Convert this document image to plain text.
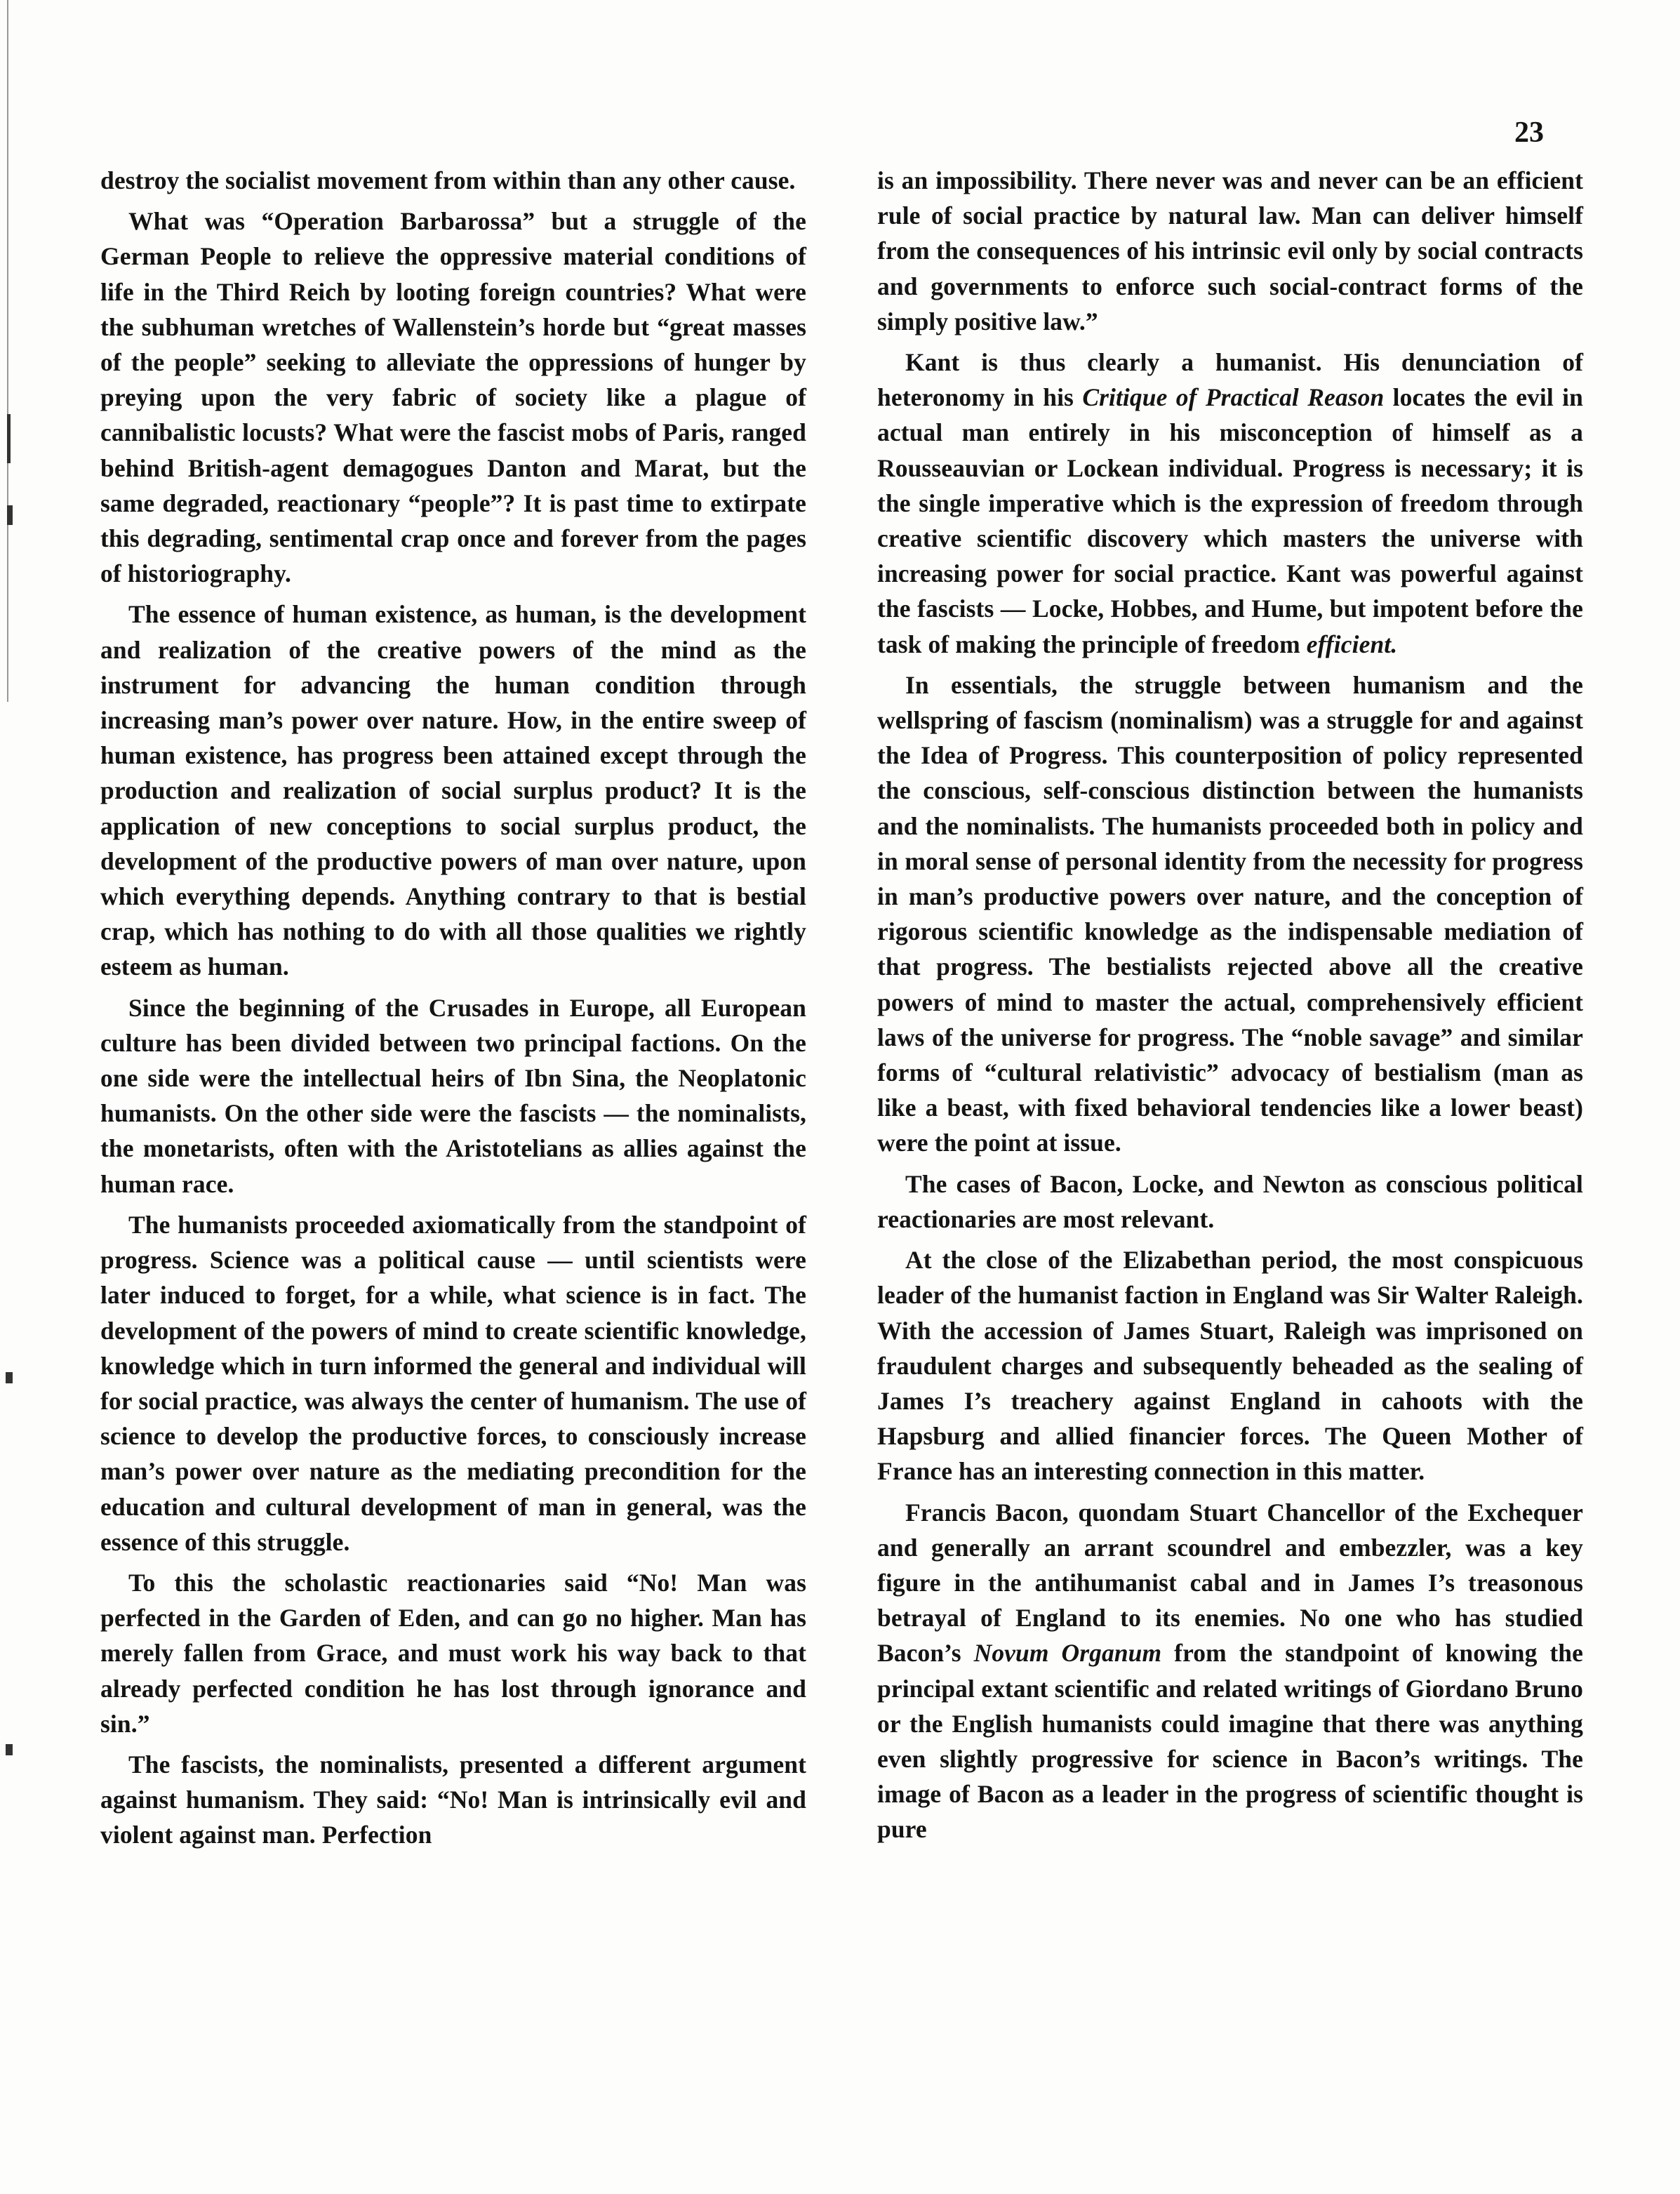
23

destroy the socialist movement from within than any other cause.

What was “Operation Barbarossa” but a struggle of the German People to relieve the oppressive material conditions of life in the Third Reich by looting foreign countries? What were the subhuman wretches of Wallenstein’s horde but “great masses of the people” seeking to alleviate the oppressions of hunger by preying upon the very fabric of society like a plague of cannibalistic locusts? What were the fascist mobs of Paris, ranged behind British-agent demagogues Danton and Marat, but the same degraded, reactionary “people”? It is past time to extirpate this degrading, sentimental crap once and forever from the pages of historiography.

The essence of human existence, as human, is the development and realization of the creative powers of the mind as the instrument for advancing the human condition through increasing man’s power over nature. How, in the entire sweep of human existence, has progress been attained except through the production and realization of social surplus product? It is the application of new conceptions to social surplus product, the development of the productive powers of man over nature, upon which everything depends. Anything contrary to that is bestial crap, which has nothing to do with all those qualities we rightly esteem as human.

Since the beginning of the Crusades in Europe, all European culture has been divided between two principal factions. On the one side were the intellectual heirs of Ibn Sina, the Neoplatonic humanists. On the other side were the fascists — the nominalists, the monetarists, often with the Aristotelians as allies against the human race.

The humanists proceeded axiomatically from the standpoint of progress. Science was a political cause — until scientists were later induced to forget, for a while, what science is in fact. The development of the powers of mind to create scientific knowledge, knowledge which in turn informed the general and individual will for social practice, was always the center of humanism. The use of science to develop the productive forces, to consciously increase man’s power over nature as the mediating precondition for the education and cultural development of man in general, was the essence of this struggle.

To this the scholastic reactionaries said “No! Man was perfected in the Garden of Eden, and can go no higher. Man has merely fallen from Grace, and must work his way back to that already perfected condition he has lost through ignorance and sin.”

The fascists, the nominalists, presented a different argument against humanism. They said: “No! Man is intrinsically evil and violent against man. Perfection

is an impossibility. There never was and never can be an efficient rule of social practice by natural law. Man can deliver himself from the consequences of his intrinsic evil only by social contracts and governments to enforce such social-contract forms of the simply positive law.”

Kant is thus clearly a humanist. His denunciation of heteronomy in his Critique of Practical Reason locates the evil in actual man entirely in his misconception of himself as a Rousseauvian or Lockean individual. Progress is necessary; it is the single imperative which is the expression of freedom through creative scientific discovery which masters the universe with increasing power for social practice. Kant was powerful against the fascists — Locke, Hobbes, and Hume, but impotent before the task of making the principle of freedom efficient.

In essentials, the struggle between humanism and the wellspring of fascism (nominalism) was a struggle for and against the Idea of Progress. This counterposition of policy represented the conscious, self-conscious distinction between the humanists and the nominalists. The humanists proceeded both in policy and in moral sense of personal identity from the necessity for progress in man’s productive powers over nature, and the conception of rigorous scientific knowledge as the indispensable mediation of that progress. The bestialists rejected above all the creative powers of mind to master the actual, comprehensively efficient laws of the universe for progress. The “noble savage” and similar forms of “cultural relativistic” advocacy of bestialism (man as like a beast, with fixed behavioral tendencies like a lower beast) were the point at issue.

The cases of Bacon, Locke, and Newton as conscious political reactionaries are most relevant.

At the close of the Elizabethan period, the most conspicuous leader of the humanist faction in England was Sir Walter Raleigh. With the accession of James Stuart, Raleigh was imprisoned on fraudulent charges and subsequently beheaded as the sealing of James I’s treachery against England in cahoots with the Hapsburg and allied financier forces. The Queen Mother of France has an interesting connection in this matter.

Francis Bacon, quondam Stuart Chancellor of the Exchequer and generally an arrant scoundrel and embezzler, was a key figure in the antihumanist cabal and in James I’s treasonous betrayal of England to its enemies. No one who has studied Bacon’s Novum Organum from the standpoint of knowing the principal extant scientific and related writings of Giordano Bruno or the English humanists could imagine that there was anything even slightly progressive for science in Bacon’s writings. The image of Bacon as a leader in the progress of scientific thought is pure
